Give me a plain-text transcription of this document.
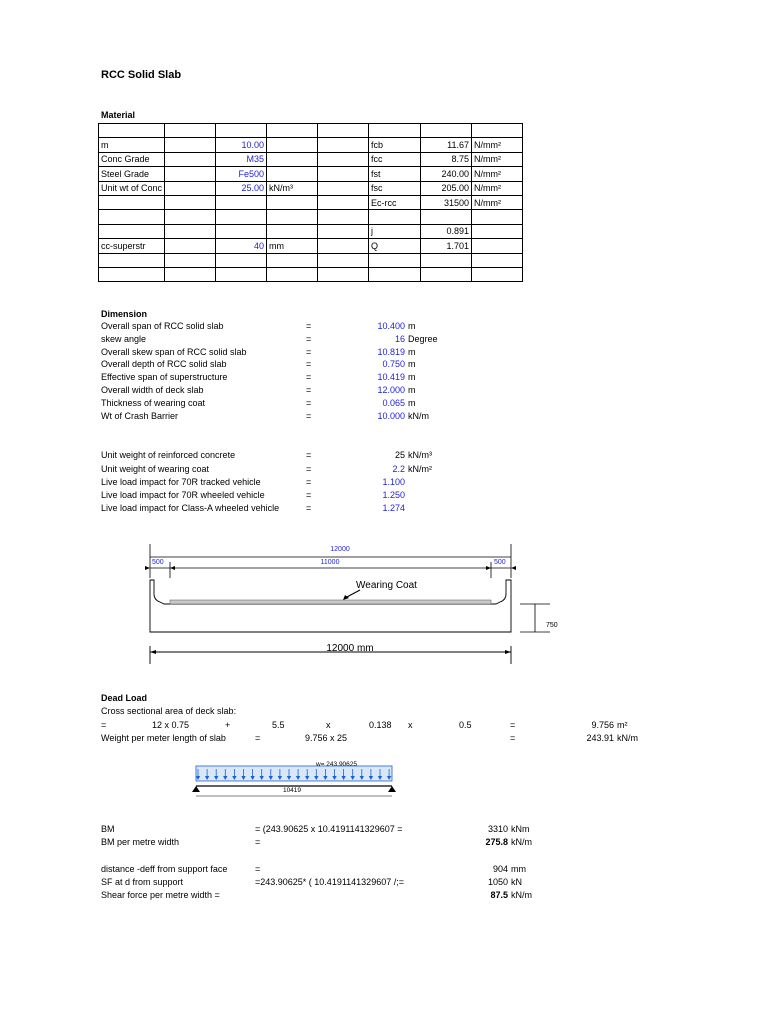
RCC Solid Slab
Material

m		10.00			fcb	11.67	N/mm²
Conc Grade		M35			fcc	8.75	N/mm²
Steel Grade		Fe500			fst	240.00	N/mm²
Unit wt of Conc		25.00	kN/m³		fsc	205.00	N/mm²
					Ec-rcc	31500	N/mm²

					j	0.891	
cc-superstr		40	mm		Q	1.701	

Dimension
Overall span of RCC solid slab	=	10.400 m
skew angle	=	16 Degree
Overall skew span of RCC solid slab	=	10.819 m
Overall depth of RCC solid slab	=	0.750 m
Effective span of superstructure	=	10.419 m
Overall width of deck slab	=	12.000 m
Thickness of wearing coat	=	0.065 m
Wt of Crash Barrier	=	10.000 kN/m
Unit weight of reinforced concrete	=	25 kN/m³
Unit weight of wearing coat	=	2.2 kN/m²
Live load impact for 70R tracked vehicle	=	1.100
Live load impact for 70R wheeled vehicle	=	1.250
Live load impact for Class-A wheeled vehicle	=	1.274
12000
11000
500	500
Wearing Coat
750
12000 mm
Dead Load
Cross sectional area of deck slab:
=	12 x 0.75	+	5.5	x	0.138 x	0.5	=	9.756 m²
Weight per meter length of slab	=	9.756 x 25	=	243.91 kN/m
w= 243.90625
10419
BM	= (243.90625 x 10.4191141329607 =	3310 kNm
BM per metre width	=	275.8 kN/m
distance -deff from support face	=	904 mm
SF at d from support	=243.90625* ( 10.4191141329607 /;=	1050 kN
Shear force per metre width =	87.5 kN/m
